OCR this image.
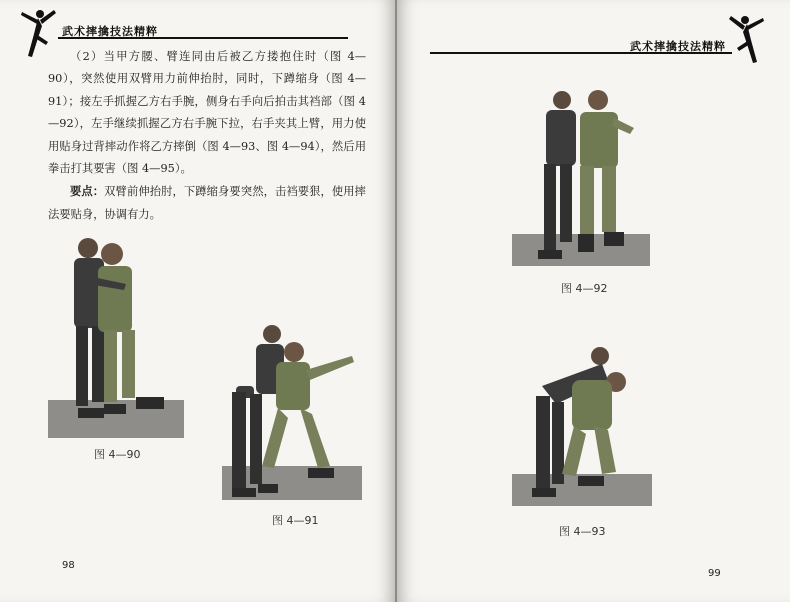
武术摔擒技法精粹

（2）当甲方腰、臂连同由后被乙方搂抱住时（图 4—90），突然使用双臂用力前伸抬肘，同时，下蹲缩身（图 4—91）；接左手抓握乙方右手腕，侧身右手向后拍击其裆部（图 4—92），左手继续抓握乙方右手腕下拉，右手夹其上臂，用力使用贴身过背摔动作将乙方摔倒（图 4—93、图 4—94），然后用拳击打其要害（图 4—95）。

要点：双臂前伸抬肘，下蹲缩身要突然，击裆要狠，使用摔法要贴身，协调有力。

图 4—90
图 4—91
98
武术摔擒技法精粹
图 4—92
图 4—93
99
